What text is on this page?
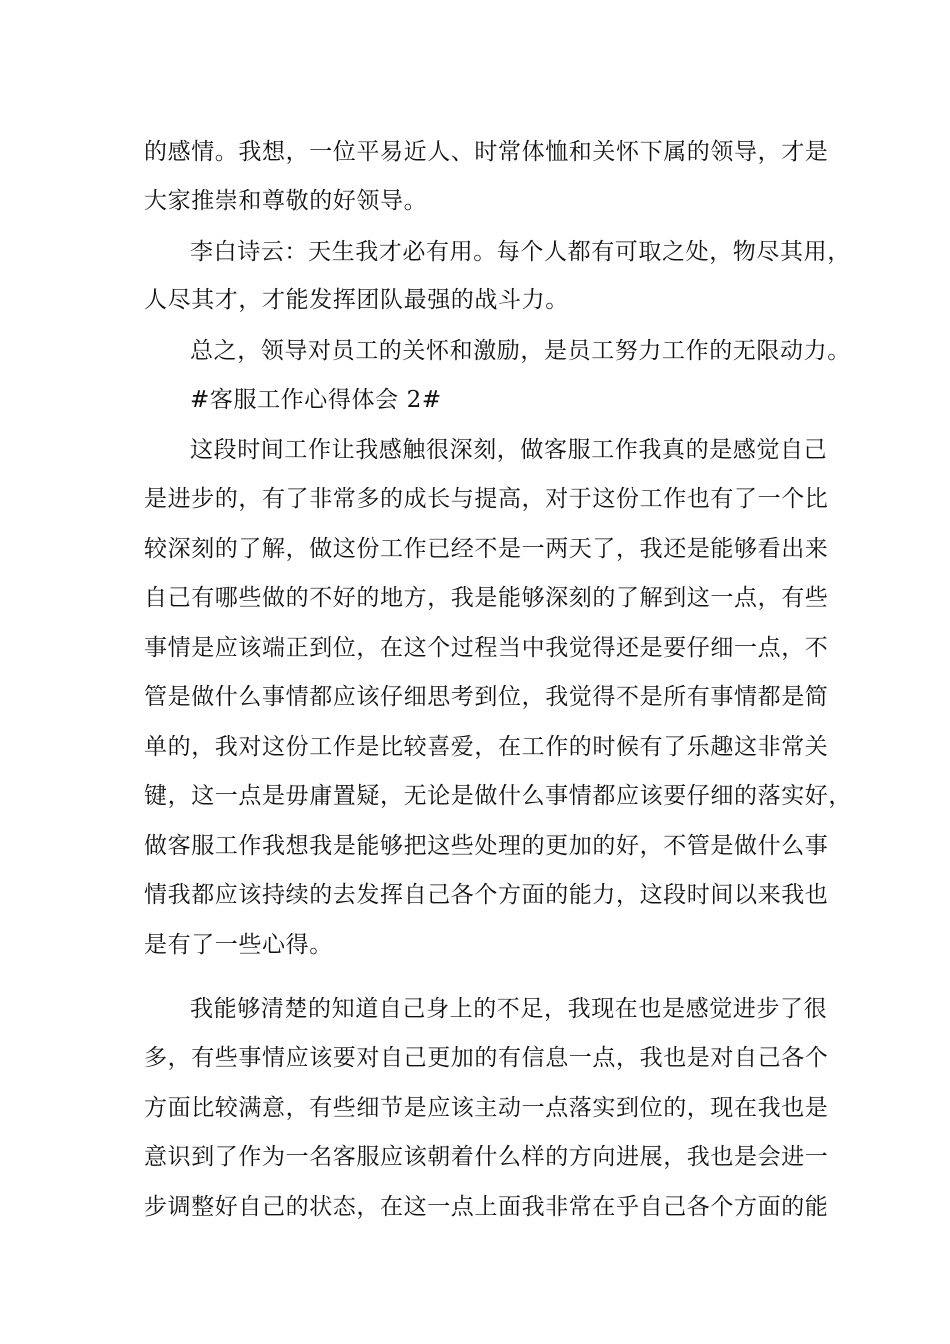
的感情。我想，一位平易近人、时常体恤和关怀下属的领导，才是
大家推崇和尊敬的好领导。
李白诗云：天生我才必有用。每个人都有可取之处，物尽其用，
人尽其才，才能发挥团队最强的战斗力。
总之，领导对员工的关怀和激励，是员工努力工作的无限动力。
#客服工作心得体会 2#
这段时间工作让我感触很深刻，做客服工作我真的是感觉自己
是进步的，有了非常多的成长与提高，对于这份工作也有了一个比
较深刻的了解，做这份工作已经不是一两天了，我还是能够看出来
自己有哪些做的不好的地方，我是能够深刻的了解到这一点，有些
事情是应该端正到位，在这个过程当中我觉得还是要仔细一点，不
管是做什么事情都应该仔细思考到位，我觉得不是所有事情都是简
单的，我对这份工作是比较喜爱，在工作的时候有了乐趣这非常关
键，这一点是毋庸置疑，无论是做什么事情都应该要仔细的落实好，
做客服工作我想我是能够把这些处理的更加的好，不管是做什么事
情我都应该持续的去发挥自己各个方面的能力，这段时间以来我也
是有了一些心得。
我能够清楚的知道自己身上的不足，我现在也是感觉进步了很
多，有些事情应该要对自己更加的有信息一点，我也是对自己各个
方面比较满意，有些细节是应该主动一点落实到位的，现在我也是
意识到了作为一名客服应该朝着什么样的方向进展，我也是会进一
步调整好自己的状态，在这一点上面我非常在乎自己各个方面的能
